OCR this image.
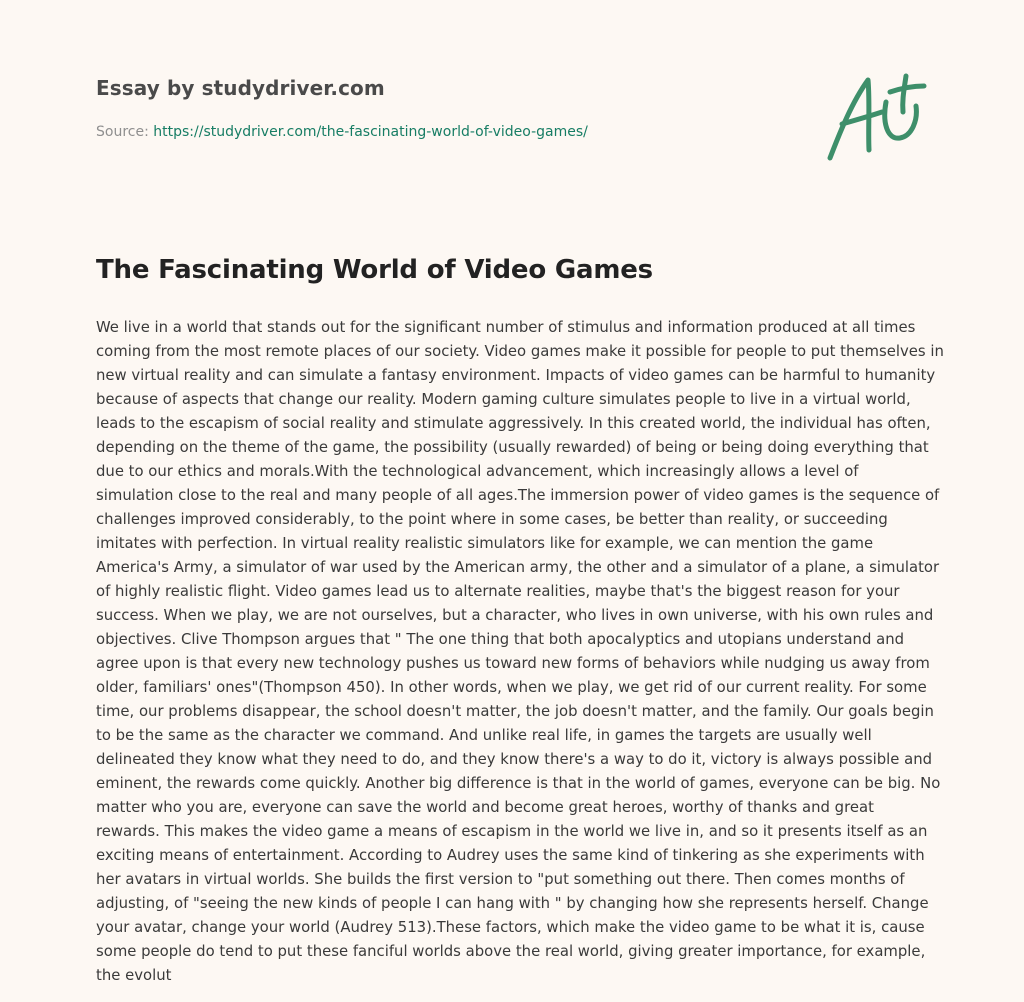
Essay by studydriver.com

Source: https://studydriver.com/the-fascinating-world-of-video-games/

The Fascinating World of Video Games
We live in a world that stands out for the significant number of stimulus and information produced at all times
coming from the most remote places of our society. Video games make it possible for people to put themselves in
new virtual reality and can simulate a fantasy environment. Impacts of video games can be harmful to humanity
because of aspects that change our reality. Modern gaming culture simulates people to live in a virtual world,
leads to the escapism of social reality and stimulate aggressively. In this created world, the individual has often,
depending on the theme of the game, the possibility (usually rewarded) of being or being doing everything that
due to our ethics and morals.With the technological advancement, which increasingly allows a level of
simulation close to the real and many people of all ages.The immersion power of video games is the sequence of
challenges improved considerably, to the point where in some cases, be better than reality, or succeeding
imitates with perfection. In virtual reality realistic simulators like for example, we can mention the game
America's Army, a simulator of war used by the American army, the other and a simulator of a plane, a simulator
of highly realistic flight. Video games lead us to alternate realities, maybe that's the biggest reason for your
success. When we play, we are not ourselves, but a character, who lives in own universe, with his own rules and
objectives. Clive Thompson argues that " The one thing that both apocalyptics and utopians understand and
agree upon is that every new technology pushes us toward new forms of behaviors while nudging us away from
older, familiars' ones"(Thompson 450). In other words, when we play, we get rid of our current reality. For some
time, our problems disappear, the school doesn't matter, the job doesn't matter, and the family. Our goals begin
to be the same as the character we command. And unlike real life, in games the targets are usually well
delineated they know what they need to do, and they know there's a way to do it, victory is always possible and
eminent, the rewards come quickly. Another big difference is that in the world of games, everyone can be big. No
matter who you are, everyone can save the world and become great heroes, worthy of thanks and great
rewards. This makes the video game a means of escapism in the world we live in, and so it presents itself as an
exciting means of entertainment. According to Audrey uses the same kind of tinkering as she experiments with
her avatars in virtual worlds. She builds the first version to "put something out there. Then comes months of
adjusting, of "seeing the new kinds of people I can hang with " by changing how she represents herself. Change
your avatar, change your world (Audrey 513).These factors, which make the video game to be what it is, cause
some people do tend to put these fanciful worlds above the real world, giving greater importance, for example,
the evolut
